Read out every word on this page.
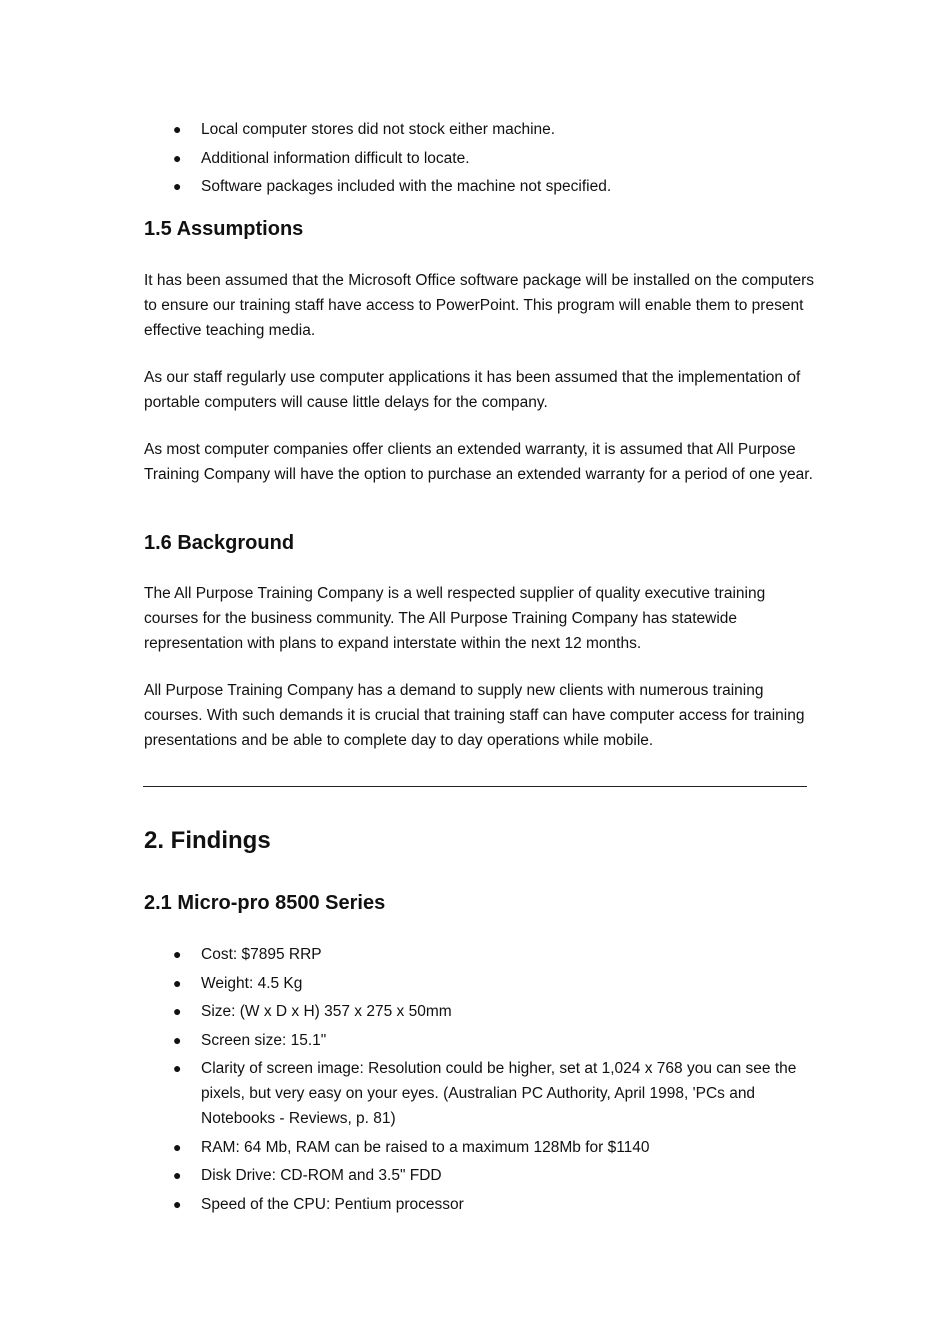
● Local computer stores did not stock either machine.
● Additional information difficult to locate.
● Software packages included with the machine not specified.
1.5 Assumptions

It has been assumed that the Microsoft Office software package will be installed on the computers to ensure our training staff have access to PowerPoint. This program will enable them to present effective teaching media.

As our staff regularly use computer applications it has been assumed that the implementation of portable computers will cause little delays for the company.

As most computer companies offer clients an extended warranty, it is assumed that All Purpose Training Company will have the option to purchase an extended warranty for a period of one year.

1.6 Background

The All Purpose Training Company is a well respected supplier of quality executive training courses for the business community. The All Purpose Training Company has statewide representation with plans to expand interstate within the next 12 months.

All Purpose Training Company has a demand to supply new clients with numerous training courses. With such demands it is crucial that training staff can have computer access for training presentations and be able to complete day to day operations while mobile.

2. Findings
2.1 Micro-pro 8500 Series
● Cost: $7895 RRP
● Weight: 4.5 Kg
● Size: (W x D x H) 357 x 275 x 50mm
● Screen size: 15.1"
● Clarity of screen image: Resolution could be higher, set at 1,024 x 768 you can see the pixels, but very easy on your eyes. (Australian PC Authority, April 1998, 'PCs and Notebooks - Reviews, p. 81)
● RAM: 64 Mb, RAM can be raised to a maximum 128Mb for $1140
● Disk Drive: CD-ROM and 3.5" FDD
● Speed of the CPU: Pentium processor
